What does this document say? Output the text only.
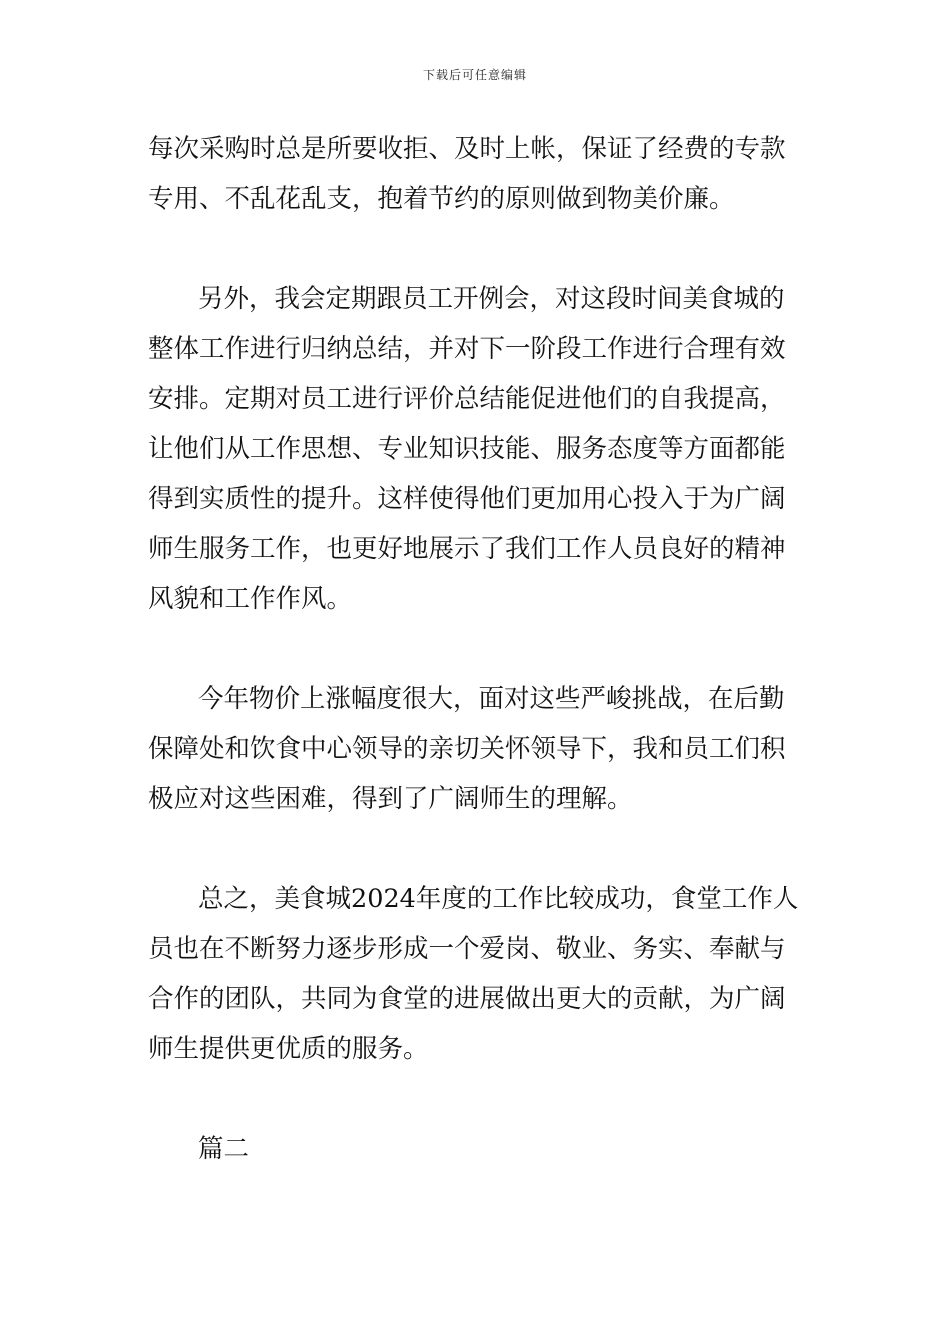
下载后可任意编辑
每次采购时总是所要收拒、及时上帐，保证了经费的专款
专用、不乱花乱支，抱着节约的原则做到物美价廉。
另外，我会定期跟员工开例会，对这段时间美食城的
整体工作进行归纳总结，并对下一阶段工作进行合理有效
安排。定期对员工进行评价总结能促进他们的自我提高，
让他们从工作思想、专业知识技能、服务态度等方面都能
得到实质性的提升。这样使得他们更加用心投入于为广阔
师生服务工作，也更好地展示了我们工作人员良好的精神
风貌和工作作风。
今年物价上涨幅度很大，面对这些严峻挑战，在后勤
保障处和饮食中心领导的亲切关怀领导下，我和员工们积
极应对这些困难，得到了广阔师生的理解。
总之，美食城2024年度的工作比较成功，食堂工作人
员也在不断努力逐步形成一个爱岗、敬业、务实、奉献与
合作的团队，共同为食堂的进展做出更大的贡献，为广阔
师生提供更优质的服务。
篇二
